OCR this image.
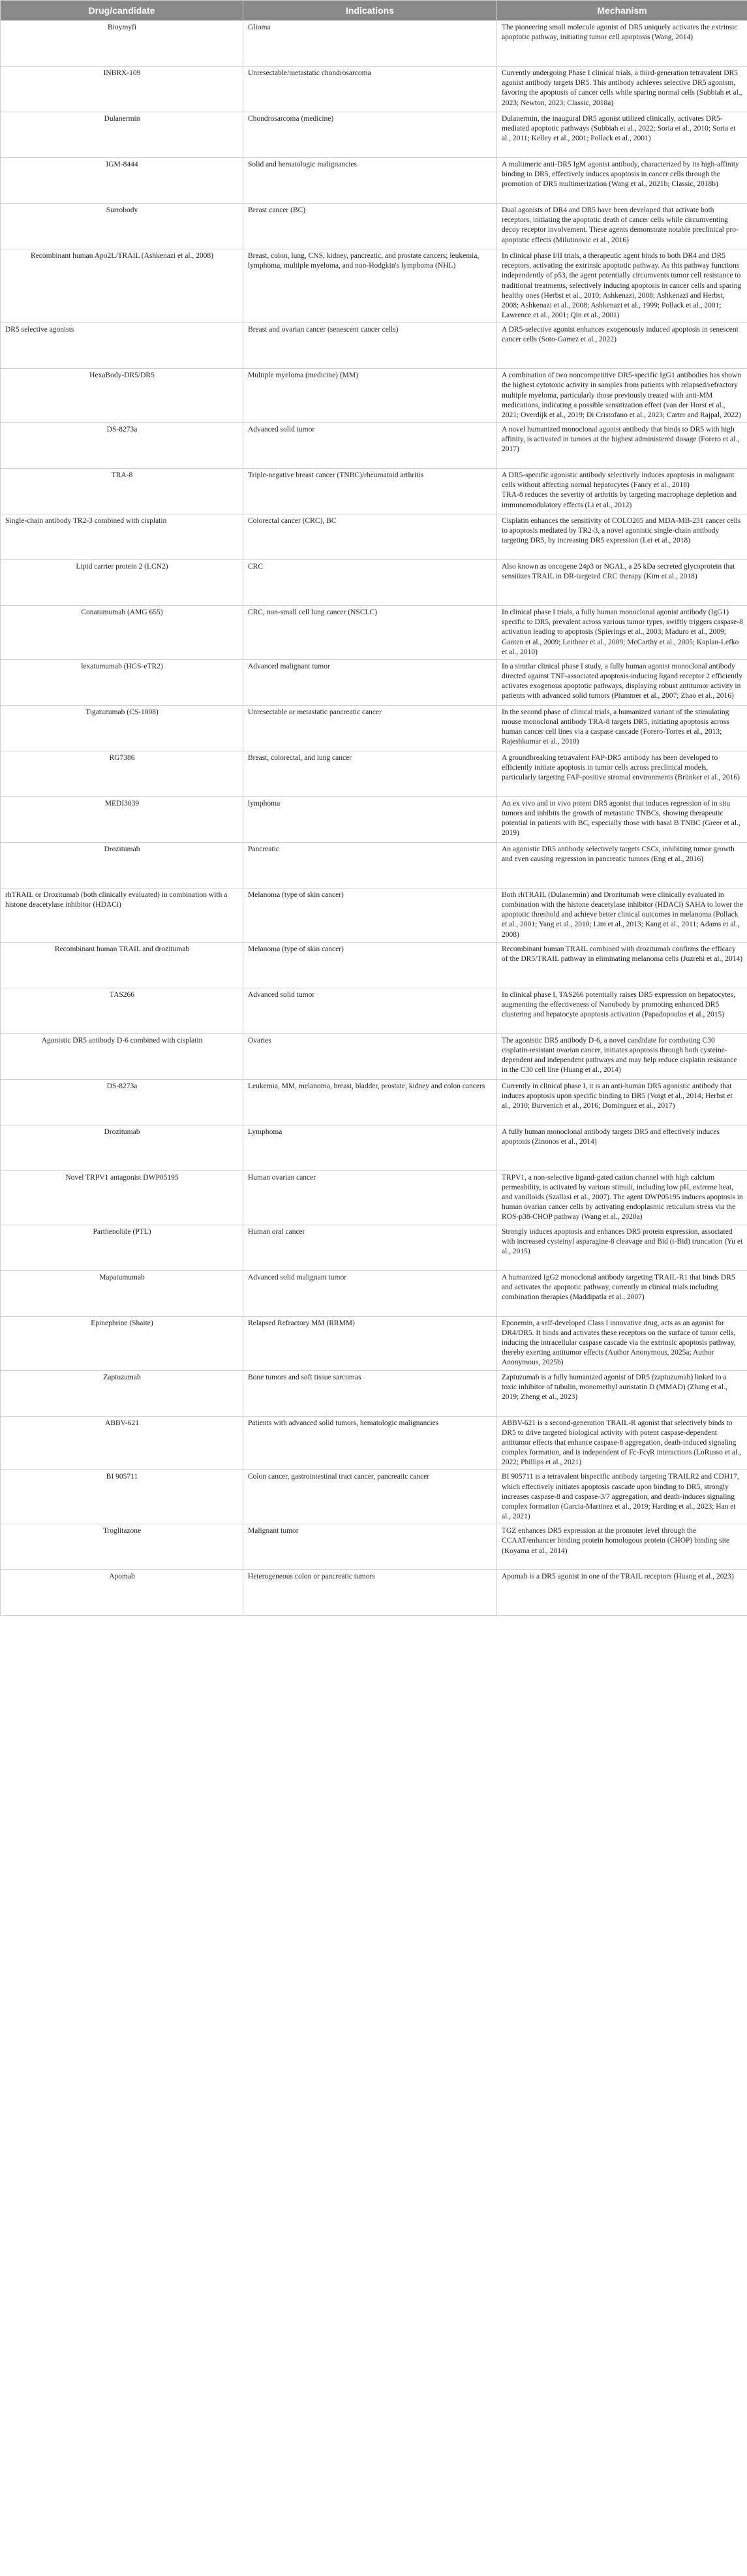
Drug/candidate	Indications	Mechanism
Bioymyfi	Glioma	The pioneering small molecule agonist of DR5 uniquely activates the extrinsic apoptotic pathway, initiating tumor cell apoptosis (Wang, 2014)
INBRX-109	Unresectable/metastatic chondrosarcoma	Currently undergoing Phase I clinical trials, a third-generation tetravalent DR5 agonist antibody targets DR5. This antibody achieves selective DR5 agonism, favoring the apoptosis of cancer cells while sparing normal cells (Subbiah et al., 2023; Newton, 2023; Classic, 2018a)
Dulanermin	Chondrosarcoma (medicine)	Dulanermin, the inaugural DR5 agonist utilized clinically, activates DR5-mediated apoptotic pathways (Subbiah et al., 2022; Soria et al., 2010; Soria et al., 2011; Kelley et al., 2001; Pollack et al., 2001)
IGM-8444	Solid and hematologic malignancies	A multimeric anti-DR5 IgM agonist antibody, characterized by its high-affinity binding to DR5, effectively induces apoptosis in cancer cells through the promotion of DR5 multimerization (Wang et al., 2021b; Classic, 2018b)
Surrobody	Breast cancer (BC)	Dual agonists of DR4 and DR5 have been developed that activate both receptors, initiating the apoptotic death of cancer cells while circumventing decoy receptor involvement. These agents demonstrate notable preclinical pro-apoptotic effects (Milutinovic et al., 2016)
Recombinant human Apo2L/TRAIL (Ashkenazi et al., 2008)	Breast, colon, lung, CNS, kidney, pancreatic, and prostate cancers; leukemia, lymphoma, multiple myeloma, and non-Hodgkin's lymphoma (NHL)	In clinical phase I/II trials, a therapeutic agent binds to both DR4 and DR5 receptors, activating the extrinsic apoptotic pathway. As this pathway functions independently of p53, the agent potentially circumvents tumor cell resistance to traditional treatments, selectively inducing apoptosis in cancer cells and sparing healthy ones (Herbst et al., 2010; Ashkenazi, 2008; Ashkenazi and Herbst, 2008; Ashkenazi et al., 2008; Ashkenazi et al., 1999; Pollack et al., 2001; Lawrence et al., 2001; Qin et al., 2001)
DR5 selective agonists	Breast and ovarian cancer (senescent cancer cells)	A DR5-selective agonist enhances exogenously induced apoptosis in senescent cancer cells (Soto-Gamez et al., 2022)
HexaBody-DR5/DR5	Multiple myeloma (medicine) (MM)	A combination of two noncompetitive DR5-specific IgG1 antibodies has shown the highest cytotoxic activity in samples from patients with relapsed/refractory multiple myeloma, particularly those previously treated with anti-MM medications, indicating a possible sensitization effect (van der Horst et al., 2021; Overdijk et al., 2019; Di Cristofano et al., 2023; Carter and Rajpal, 2022)
DS-8273a	Advanced solid tumor	A novel humanized monoclonal agonist antibody that binds to DR5 with high affinity, is activated in tumors at the highest administered dosage (Forero et al., 2017)
TRA-8	Triple-negative breast cancer (TNBC)/rheumatoid arthritis	A DR5-specific agonistic antibody selectively induces apoptosis in malignant cells without affecting normal hepatocytes (Fancy et al., 2018)
TRA-8 reduces the severity of arthritis by targeting macrophage depletion and immunomodulatory effects (Li et al., 2012)
Single-chain antibody TR2-3 combined with cisplatin	Colorectal cancer (CRC), BC	Cisplatin enhances the sensitivity of COLO205 and MDA-MB-231 cancer cells to apoptosis mediated by TR2-3, a novel agonistic single-chain antibody targeting DR5, by increasing DR5 expression (Lei et al., 2018)
Lipid carrier protein 2 (LCN2)	CRC	Also known as oncogene 24p3 or NGAL, a 25 kDa secreted glycoprotein that sensitizes TRAIL in DR-targeted CRC therapy (Kim et al., 2018)
Conatumumab (AMG 655)	CRC, non-small cell lung cancer (NSCLC)	In clinical phase I trials, a fully human monoclonal agonist antibody (IgG1) specific to DR5, prevalent across various tumor types, swiftly triggers caspase-8 activation leading to apoptosis (Spierings et al., 2003; Maduro et al., 2009; Ganten et al., 2009; Leithner et al., 2009; McCarthy et al., 2005; Kaplan-Lefko et al., 2010)
lexatumumab (HGS-eTR2)	Advanced malignant tumor	In a similar clinical phase I study, a fully human agonist monoclonal antibody directed against TNF-associated apoptosis-inducing ligand receptor 2 efficiently activates exogenous apoptotic pathways, displaying robust antitumor activity in patients with advanced solid tumors (Plummer et al., 2007; Zhao et al., 2016)
Tigatuzumab (CS-1008)	Unresectable or metastatic pancreatic cancer	In the second phase of clinical trials, a humanized variant of the stimulating mouse monoclonal antibody TRA-8 targets DR5, initiating apoptosis across human cancer cell lines via a caspase cascade (Forero-Torres et al., 2013; Rajeshkumar et al., 2010)
RG7386	Breast, colorectal, and lung cancer	A groundbreaking tetravalent FAP-DR5 antibody has been developed to efficiently initiate apoptosis in tumor cells across preclinical models, particularly targeting FAP-positive stromal environments (Brünker et al., 2016)
MEDI3039	lymphoma	An ex vivo and in vivo potent DR5 agonist that induces regression of in situ tumors and inhibits the growth of metastatic TNBCs, showing therapeutic potential in patients with BC, especially those with basal B TNBC (Greer et al., 2019)
Drozitumab	Pancreatic	An agonistic DR5 antibody selectively targets CSCs, inhibiting tumor growth and even causing regression in pancreatic tumors (Eng et al., 2016)
rhTRAIL or Drozitumab (both clinically evaluated) in combination with a histone deacetylase inhibitor (HDACi)	Melanoma (type of skin cancer)	Both rhTRAIL (Dulanermin) and Drozitumab were clinically evaluated in combination with the histone deacetylase inhibitor (HDACi) SAHA to lower the apoptotic threshold and achieve better clinical outcomes in melanoma (Pollack et al., 2001; Yang et al., 2010; Lim et al., 2013; Kang et al., 2011; Adams et al., 2008)
Recombinant human TRAIL and drozitumab	Melanoma (type of skin cancer)	Recombinant human TRAIL combined with drozitumab confirms the efficacy of the DR5/TRAIL pathway in eliminating melanoma cells (Juzrehi et al., 2014)
TAS266	Advanced solid tumor	In clinical phase I, TAS266 potentially raises DR5 expression on hepatocytes, augmenting the effectiveness of Nanobody by promoting enhanced DR5 clustering and hepatocyte apoptosis activation (Papadopoulos et al., 2015)
Agonistic DR5 antibody D-6 combined with cisplatin	Ovaries	The agonistic DR5 antibody D-6, a novel candidate for combating C30 cisplatin-resistant ovarian cancer, initiates apoptosis through both cysteine-dependent and independent pathways and may help reduce cisplatin resistance in the C30 cell line (Huang et al., 2014)
DS-8273a	Leukemia, MM, melanoma, breast, bladder, prostate, kidney and colon cancers	Currently in clinical phase I, it is an anti-human DR5 agonistic antibody that induces apoptosis upon specific binding to DR5 (Voigt et al., 2014; Herbst et al., 2010; Burvenich et al., 2016; Dominguez et al., 2017)
Drozitumab	Lymphoma	A fully human monoclonal antibody targets DR5 and effectively induces apoptosis (Zinonos et al., 2014)
Novel TRPV1 antagonist DWP05195	Human ovarian cancer	TRPV1, a non-selective ligand-gated cation channel with high calcium permeability, is activated by various stimuli, including low pH, extreme heat, and vanilloids (Szallasi et al., 2007). The agent DWP05195 induces apoptosis in human ovarian cancer cells by activating endoplasmic reticulum stress via the ROS-p38-CHOP pathway (Wang et al., 2020a)
Parthenolide (PTL)	Human oral cancer	Strongly induces apoptosis and enhances DR5 protein expression, associated with increased cysteinyl asparagine-8 cleavage and Bid (t-Bid) truncation (Yu et al., 2015)
Mapatumumab	Advanced solid malignant tumor	A humanized IgG2 monoclonal antibody targeting TRAIL-R1 that binds DR5 and activates the apoptotic pathway, currently in clinical trials including combination therapies (Maddipatla et al., 2007)
Epinephrine (Shaite)	Relapsed Refractory MM (RRMM)	Eponemin, a self-developed Class I innovative drug, acts as an agonist for DR4/DR5. It binds and activates these receptors on the surface of tumor cells, inducing the intracellular caspase cascade via the extrinsic apoptosis pathway, thereby exerting antitumor effects (Author Anonymous, 2025a; Author Anonymous, 2025b)
Zaptuzumab	Bone tumors and soft tissue sarcomas	Zaptuzumab is a fully humanized agonist of DR5 (zaptuzumab) linked to a toxic inhibitor of tubulin, monomethyl auristatin D (MMAD) (Zhang et al., 2019; Zheng et al., 2023)
ABBV-621	Patients with advanced solid tumors, hematologic malignancies	ABBV-621 is a second-generation TRAIL-R agonist that selectively binds to DR5 to drive targeted biological activity with potent caspase-dependent antitumor effects that enhance caspase-8 aggregation, death-induced signaling complex formation, and is independent of Fc-FcγR interactions (LoRusso et al., 2022; Phillips et al., 2021)
BI 905711	Colon cancer, gastrointestinal tract cancer, pancreatic cancer	BI 905711 is a tetravalent bispecific antibody targeting TRAILR2 and CDH17, which effectively initiates apoptosis cascade upon binding to DR5, strongly increases caspase-8 and caspase-3/7 aggregation, and death-induces signaling complex formation (Garcia-Martinez et al., 2019; Harding et al., 2023; Han et al., 2021)
Troglitazone	Malignant tumor	TGZ enhances DR5 expression at the promoter level through the CCAAT/enhancer binding protein homologous protein (CHOP) binding site (Koyama et al., 2014)
Apomab	Heterogeneous colon or pancreatic tumors	Apomab is a DR5 agonist in one of the TRAIL receptors (Huang et al., 2023)
